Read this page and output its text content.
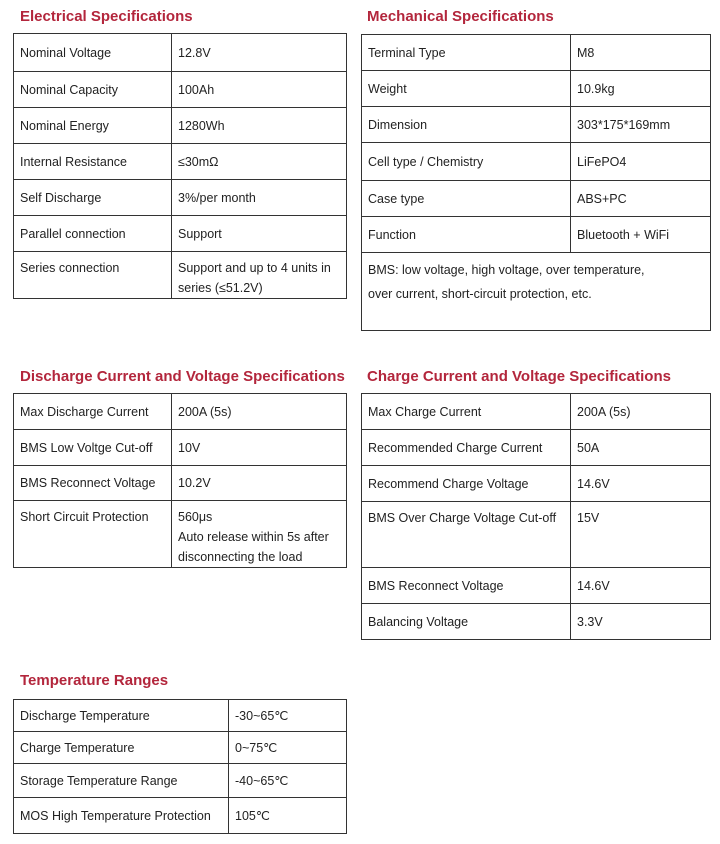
Electrical Specifications
Nominal Voltage	12.8V
Nominal Capacity	100Ah
Nominal Energy	1280Wh
Internal Resistance	≤30mΩ
Self Discharge	3%/per month
Parallel connection	Support
Series connection	Support and up to 4 units in
series (≤51.2V)
Mechanical Specifications
Terminal Type	M8
Weight	10.9kg
Dimension	303*175*169mm
Cell type / Chemistry	LiFePO4
Case type	ABS+PC
Function	Bluetooth + WiFi

BMS: low voltage, high voltage, over temperature,
over current, short-circuit protection, etc.	
Discharge Current and Voltage Specifications
Max Discharge Current	200A (5s)
BMS Low Voltge Cut-off	10V
BMS Reconnect Voltage	10.2V
Short Circuit Protection	560μs
Auto release within 5s after
disconnecting the load
Charge Current and Voltage Specifications
Max Charge Current	200A (5s)
Recommended Charge Current	50A
Recommend Charge Voltage	14.6V
BMS Over Charge Voltage Cut-off	15V
BMS Reconnect Voltage	14.6V
Balancing Voltage	3.3V
Temperature Ranges
Discharge Temperature	-30~65℃
Charge Temperature	0~75℃
Storage Temperature Range	-40~65℃
MOS High Temperature Protection	105℃
